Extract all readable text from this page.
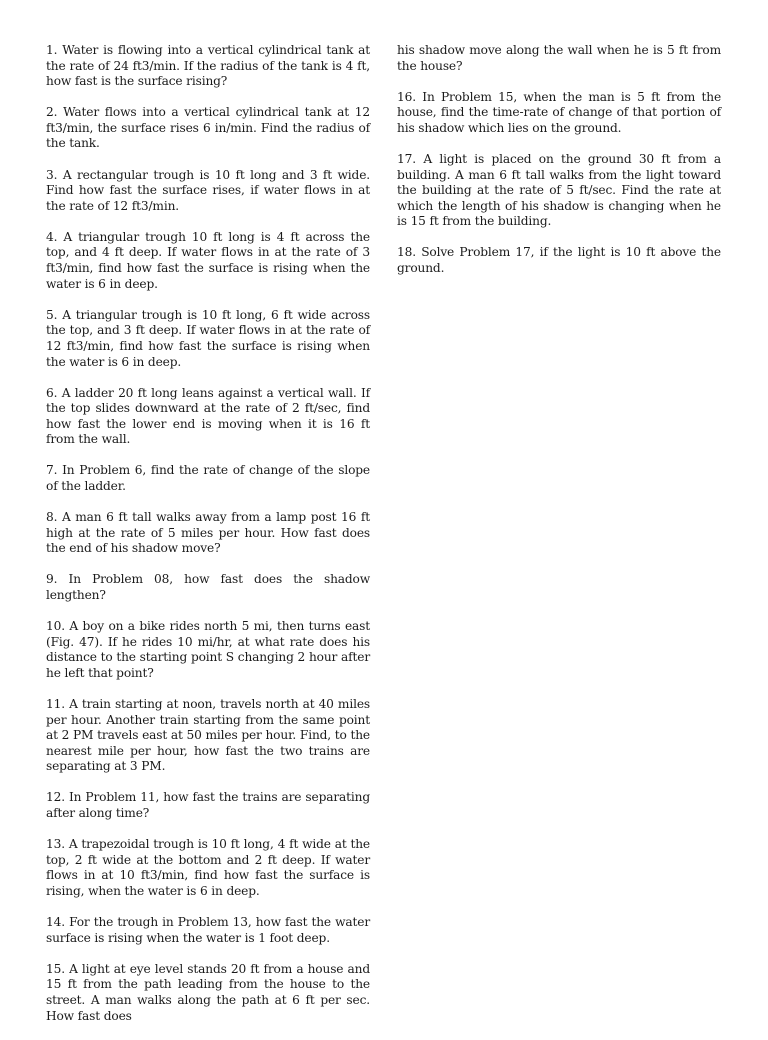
1. Water is flowing into a vertical cylindrical tank at the rate of 24 ft3/min. If the radius of the tank is 4 ft, how fast is the surface rising?

2. Water flows into a vertical cylindrical tank at 12 ft3/min, the surface rises 6 in/min. Find the radius of the tank.

3. A rectangular trough is 10 ft long and 3 ft wide. Find how fast the surface rises, if water flows in at the rate of 12 ft3/min.

4. A triangular trough 10 ft long is 4 ft across the top, and 4 ft deep. If water flows in at the rate of 3 ft3/min, find how fast the surface is rising when the water is 6 in deep.

5. A triangular trough is 10 ft long, 6 ft wide across the top, and 3 ft deep. If water flows in at the rate of 12 ft3/min, find how fast the surface is rising when the water is 6 in deep.

6. A ladder 20 ft long leans against a vertical wall. If the top slides downward at the rate of 2 ft/sec, find how fast the lower end is moving when it is 16 ft from the wall.

7. In Problem 6, find the rate of change of the slope of the ladder.

8. A man 6 ft tall walks away from a lamp post 16 ft high at the rate of 5 miles per hour. How fast does the end of his shadow move?

9. In Problem 08, how fast does the shadow lengthen?

10. A boy on a bike rides north 5 mi, then turns east (Fig. 47). If he rides 10 mi/hr, at what rate does his distance to the starting point S changing 2 hour after he left that point?

11. A train starting at noon, travels north at 40 miles per hour. Another train starting from the same point at 2 PM travels east at 50 miles per hour. Find, to the nearest mile per hour, how fast the two trains are separating at 3 PM.

12. In Problem 11, how fast the trains are separating after along time?

13. A trapezoidal trough is 10 ft long, 4 ft wide at the top, 2 ft wide at the bottom and 2 ft deep. If water flows in at 10 ft3/min, find how fast the surface is rising, when the water is 6 in deep.

14. For the trough in Problem 13, how fast the water surface is rising when the water is 1 foot deep.

15. A light at eye level stands 20 ft from a house and 15 ft from the path leading from the house to the street. A man walks along the path at 6 ft per sec. How fast does

his shadow move along the wall when he is 5 ft from the house?

16. In Problem 15, when the man is 5 ft from the house, find the time-rate of change of that portion of his shadow which lies on the ground.

17. A light is placed on the ground 30 ft from a building. A man 6 ft tall walks from the light toward the building at the rate of 5 ft/sec. Find the rate at which the length of his shadow is changing when he is 15 ft from the building.

18. Solve Problem 17, if the light is 10 ft above the ground.
